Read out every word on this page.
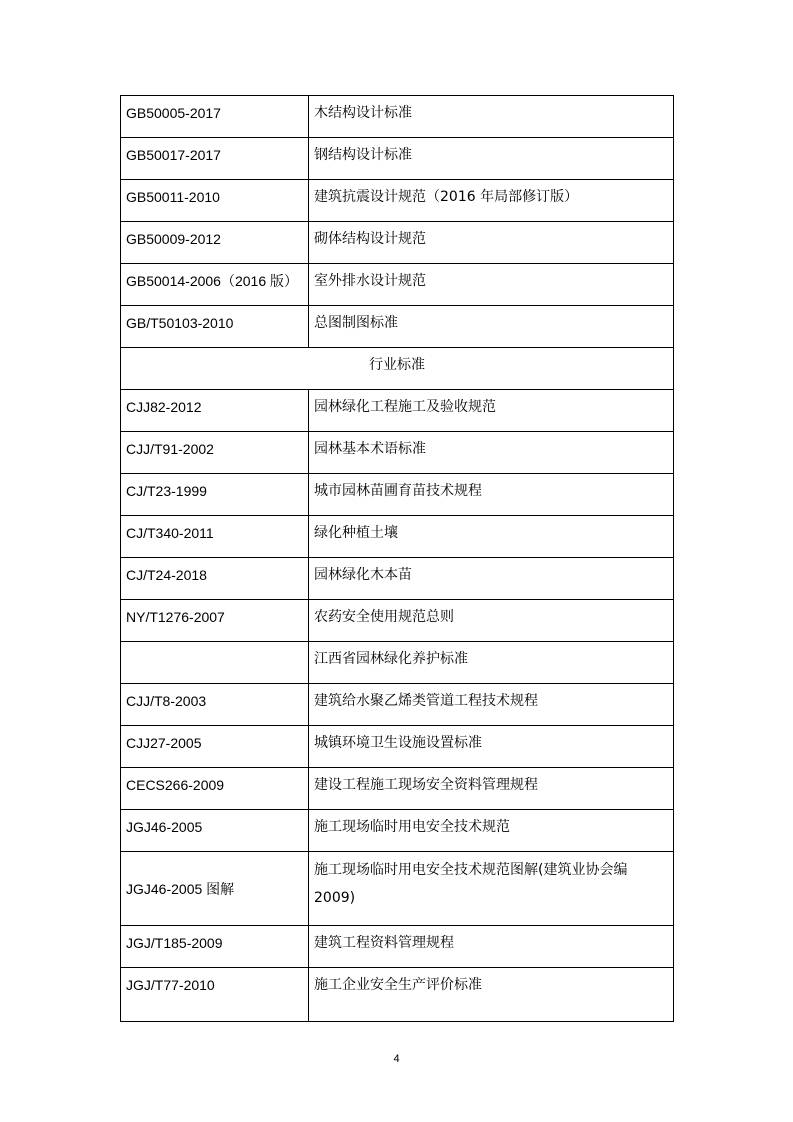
GB50005-2017	木结构设计标准

GB50017-2017	钢结构设计标准

GB50011-2010	建筑抗震设计规范（2016 年局部修订版）

GB50009-2012	砌体结构设计规范

GB50014-2006（2016 版）	室外排水设计规范

GB/T50103-2010	总图制图标准

行业标准	

CJJ82-2012	园林绿化工程施工及验收规范

CJJ/T91-2002	园林基本术语标准

CJ/T23-1999	城市园林苗圃育苗技术规程

CJ/T340-2011	绿化种植土壤

CJ/T24-2018	园林绿化木本苗

NY/T1276-2007	农药安全使用规范总则

	江西省园林绿化养护标准

CJJ/T8-2003	建筑给水聚乙烯类管道工程技术规程

CJJ27-2005	城镇环境卫生设施设置标准

CECS266-2009	建设工程施工现场安全资料管理规程

JGJ46-2005	施工现场临时用电安全技术规范

JGJ46-2005 图解	施工现场临时用电安全技术规范图解(建筑业协会编 2009)

JGJ/T185-2009	建筑工程资料管理规程

JGJ/T77-2010	施工企业安全生产评价标准
4
